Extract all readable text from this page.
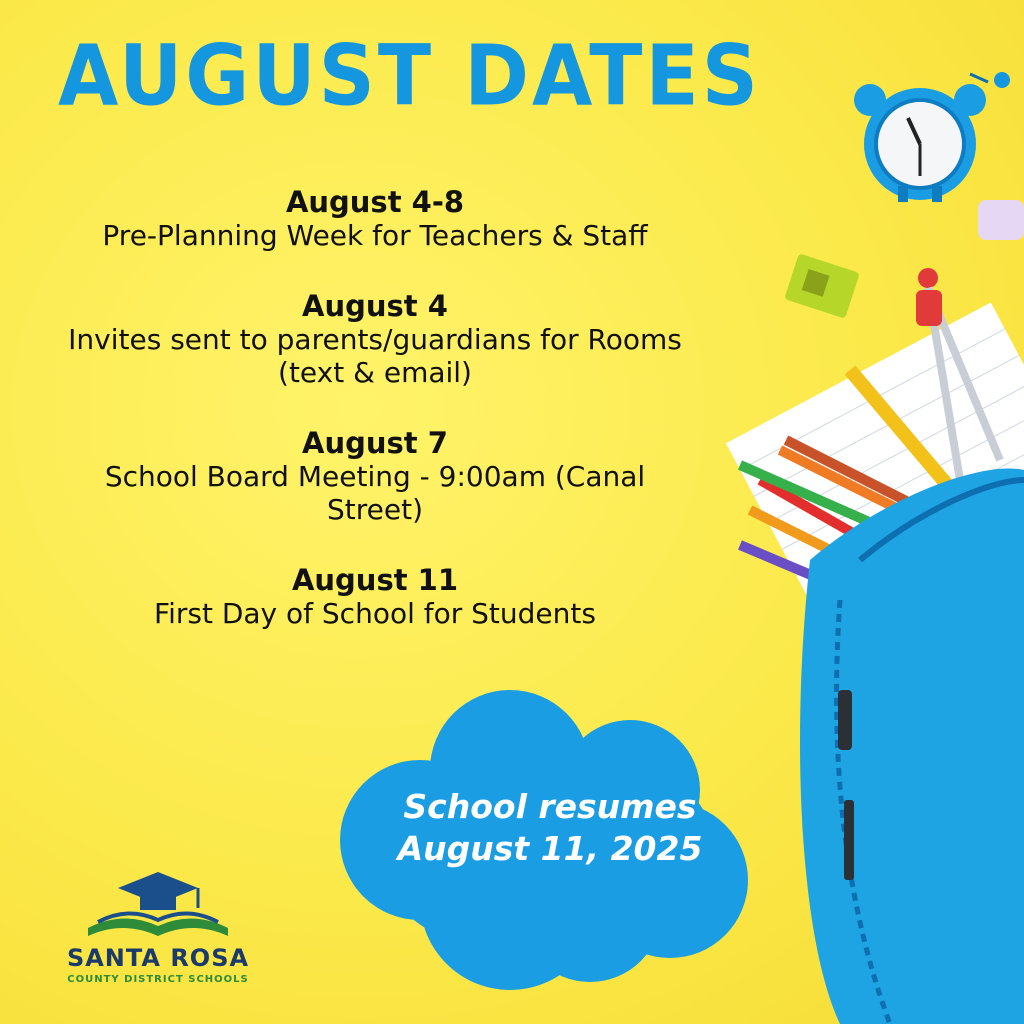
AUGUST DATES
August 4-8
Pre-Planning Week for Teachers & Staff
August 4
Invites sent to parents/guardians for Rooms (text & email)
August 7
School Board Meeting - 9:00am (Canal Street)
August 11
First Day of School for Students
School resumes
August 11, 2025
SANTA ROSA
COUNTY DISTRICT SCHOOLS
